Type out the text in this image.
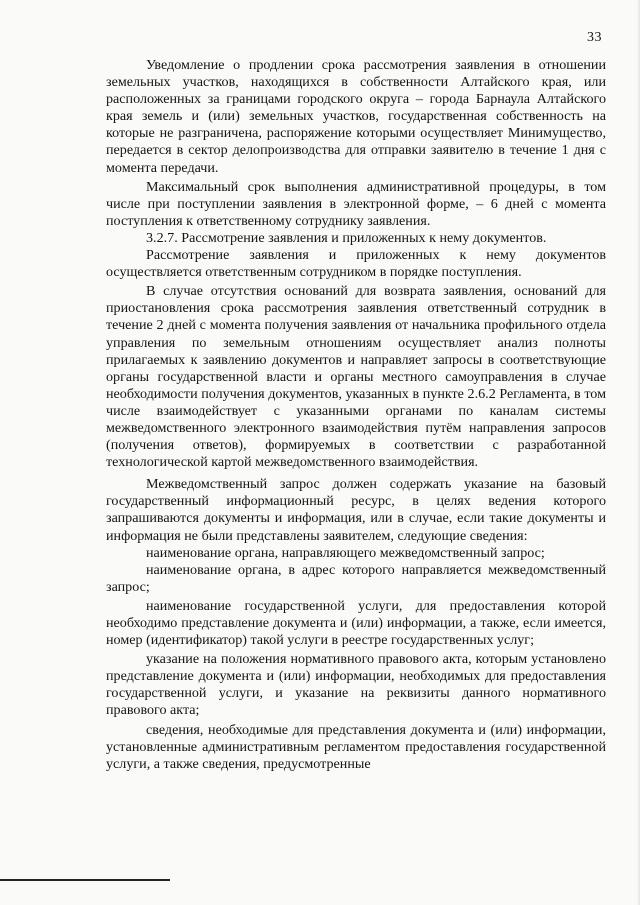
33

Уведомление о продлении срока рассмотрения заявления в отношении земельных участков, находящихся в собственности Алтайского края, или расположенных за границами городского округа – города Барнаула Алтайского края земель и (или) земельных участков, государственная собственность на которые не разграничена, распоряжение которыми осуществляет Минимущество, передается в сектор делопроизводства для отправки заявителю в течение 1 дня с момента передачи.

Максимальный срок выполнения административной процедуры, в том числе при поступлении заявления в электронной форме, – 6 дней с момента поступления к ответственному сотруднику заявления.

3.2.7. Рассмотрение заявления и приложенных к нему документов.

Рассмотрение заявления и приложенных к нему документов осуществляется ответственным сотрудником в порядке поступления.

В случае отсутствия оснований для возврата заявления, оснований для приостановления срока рассмотрения заявления ответственный сотрудник в течение 2 дней с момента получения заявления от начальника профильного отдела управления по земельным отношениям осуществляет анализ полноты прилагаемых к заявлению документов и направляет запросы в соответствующие органы государственной власти и органы местного самоуправления в случае необходимости получения документов, указанных в пункте 2.6.2 Регламента, в том числе взаимодействует с указанными органами по каналам системы межведомственного электронного взаимодействия путём направления запросов (получения ответов), формируемых в соответствии с разработанной технологической картой межведомственного взаимодействия.

Межведомственный запрос должен содержать указание на базовый государственный информационный ресурс, в целях ведения которого запрашиваются документы и информация, или в случае, если такие документы и информация не были представлены заявителем, следующие сведения:

наименование органа, направляющего межведомственный запрос;

наименование органа, в адрес которого направляется межведомственный запрос;

наименование государственной услуги, для предоставления которой необходимо представление документа и (или) информации, а также, если имеется, номер (идентификатор) такой услуги в реестре государственных услуг;

указание на положения нормативного правового акта, которым установлено представление документа и (или) информации, необходимых для предоставления государственной услуги, и указание на реквизиты данного нормативного правового акта;

сведения, необходимые для представления документа и (или) информации, установленные административным регламентом предоставления государственной услуги, а также сведения, предусмотренные
